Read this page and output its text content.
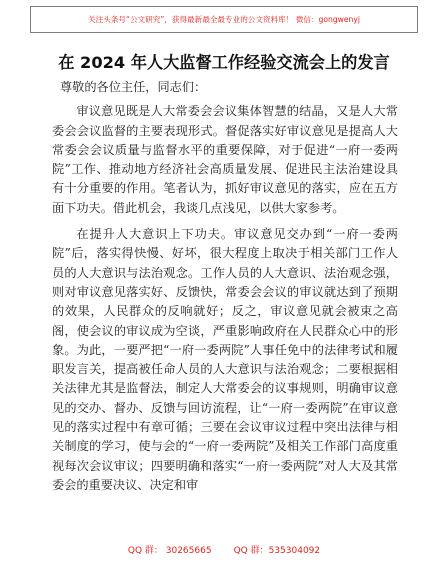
关注头条号“公文研究”，获得最新最全最专业的公文资料库！ 微信：gongwenyj
在 2024 年人大监督工作经验交流会上的发言
尊敬的各位主任，同志们：

审议意见既是人大常委会会议集体智慧的结晶，又是人大常委会会议监督的主要表现形式。督促落实好审议意见是提高人大常委会会议质量与监督水平的重要保障，对于促进“一府一委两院”工作、推动地方经济社会高质量发展、促进民主法治建设具有十分重要的作用。笔者认为，抓好审议意见的落实，应在五方面下功夫。借此机会，我谈几点浅见，以供大家参考。

在提升人大意识上下功夫。审议意见交办到“一府一委两院”后，落实得快慢、好坏，很大程度上取决于相关部门工作人员的人大意识与法治观念。工作人员的人大意识、法治观念强，则对审议意见落实好、反馈快，常委会会议的审议就达到了预期的效果，人民群众的反响就好；反之，审议意见就会被束之高阁，使会议的审议成为空谈，严重影响政府在人民群众心中的形象。为此，一要严把“一府一委两院”人事任免中的法律考试和履职发言关，提高被任命人员的人大意识与法治观念；二要根据相关法律尤其是监督法，制定人大常委会的议事规则，明确审议意见的交办、督办、反馈与回访流程，让“一府一委两院”在审议意见的落实过程中有章可循；三要在会议审议过程中突出法律与相关制度的学习，使与会的“一府一委两院”及相关工作部门高度重视每次会议审议；四要明确和落实“一府一委两院”对人大及其常委会的重要决议、决定和审

QQ 群： 30265665 QQ 群：535304092
